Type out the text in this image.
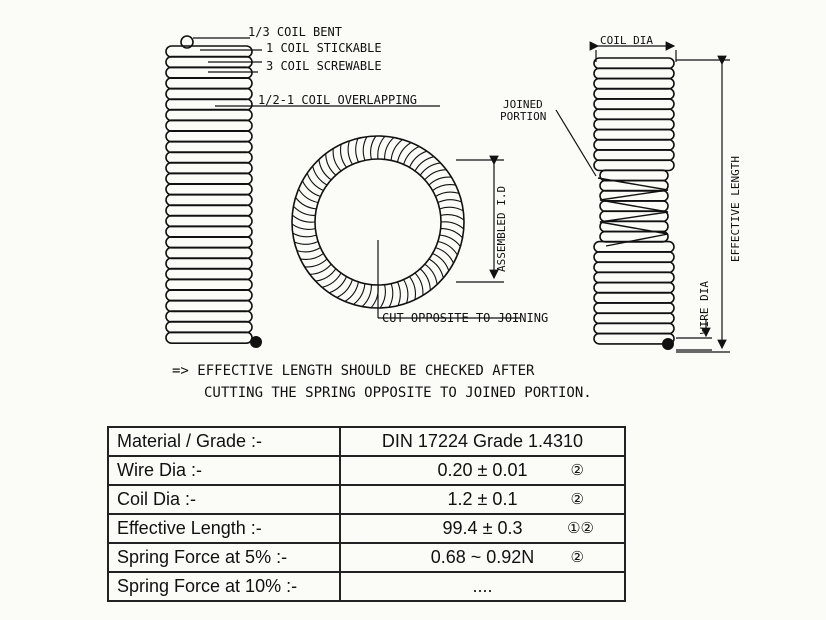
1/3 COIL BENT
1 COIL STICKABLE
3 COIL SCREWABLE
1/2-1 COIL OVERLAPPING
ASSEMBLED I.D
CUT OPPOSITE TO JOINING
COIL DIA
JOINED
PORTION
EFFECTIVE LENGTH
WIRE DIA
=> EFFECTIVE LENGTH SHOULD BE CHECKED AFTER
CUTTING THE SPRING OPPOSITE TO JOINED PORTION.
Material / Grade :-	DIN 17224 Grade 1.4310
Wire Dia :-	0.20 ± 0.01 ②

Coil Dia :-	1.2 ± 0.1 ②

Effective Length :-	99.4 ± 0.3 ①②

Spring Force at 5% :-	0.68 ~ 0.92N ②

Spring Force at 10% :-	....
